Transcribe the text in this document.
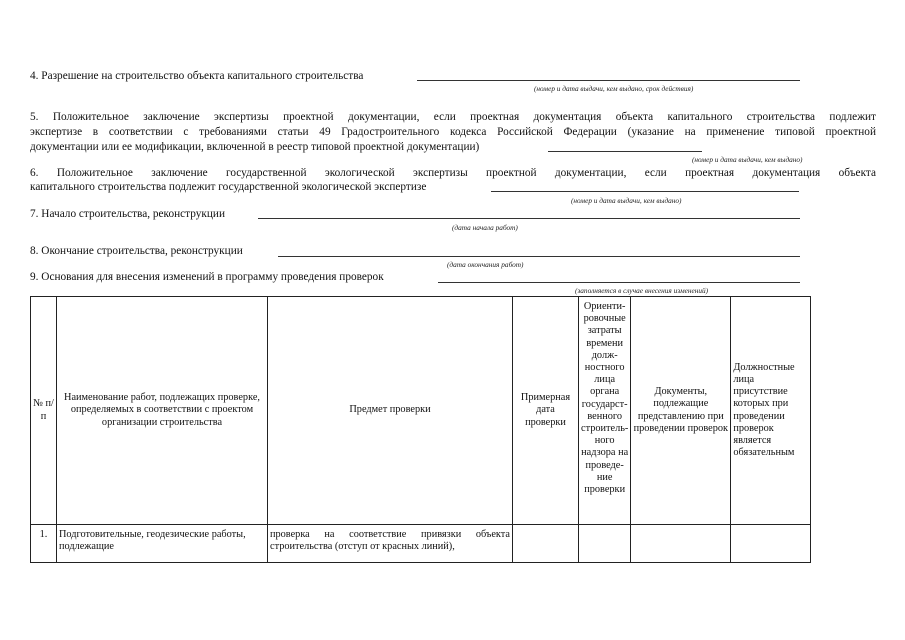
4. Разрешение на строительство объекта капитального строительства
(номер и дата выдачи, кем выдано, срок действия)
5. Положительное заключение экспертизы проектной документации, если проектная документация объекта капитального строительства подлежит
экспертизе в соответствии с требованиями статьи 49 Градостроительного кодекса Российской Федерации (указание на применение типовой проектной
документации или ее модификации, включенной в реестр типовой проектной документации)
(номер и дата выдачи, кем выдано)
6. Положительное заключение государственной экологической экспертизы проектной документации, если проектная документация объекта
капитального строительства подлежит государственной экологической экспертизе
(номер и дата выдачи, кем выдано)
7. Начало строительства, реконструкции
(дата начала работ)
8. Окончание строительства, реконструкции
(дата окончания работ)
9. Основания для внесения изменений в программу проведения проверок
(заполняется в случае внесения изменений)
№ п/п	Наименование работ, подлежащих проверке, определяемых в соответствии с проектом организации строительства	Предмет проверки	Примерная дата проверки	Ориенти-ровочные затраты времени долж-ностного лица органа государст-венного строитель-ного надзора на проведе-ние проверки	Документы, подлежащие представлению при проведении проверок	Должностные лица присутствие которых при проведении проверок является обязательным
1.	Подготовительные, геодезические работы, подлежащие	проверка на соответствие привязки объекта строительства (отступ от красных линий),				
